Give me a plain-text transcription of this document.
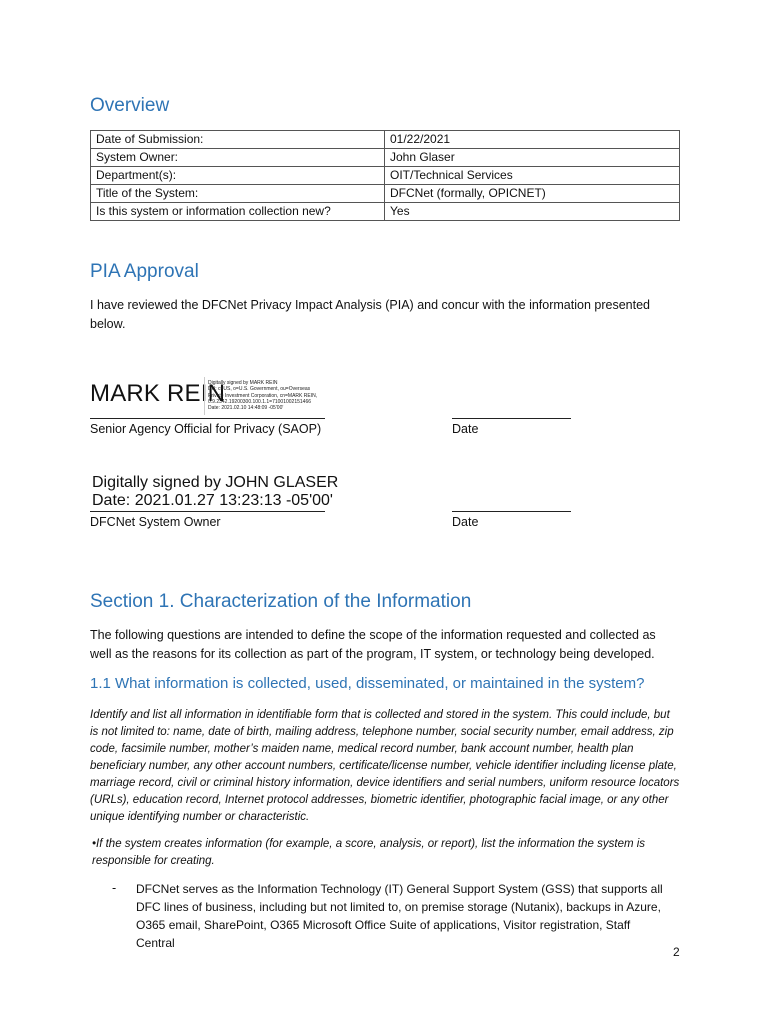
Overview
Date of Submission:	01/22/2021
System Owner:	John Glaser
Department(s):	OIT/Technical Services
Title of the System:	DFCNet (formally, OPICNET)
Is this system or information collection new?	Yes
PIA Approval
I have reviewed the DFCNet Privacy Impact Analysis (PIA) and concur with the information presented below.
MARK REIN
Digitally signed by MARK REIN
DN: c=US, o=U.S. Government, ou=Overseas
Private Investment Corporation, cn=MARK REIN,
0.9.2342.19200300.100.1.1=71001002151466
Date: 2021.02.10 14:48:09 -05'00'
Senior Agency Official for Privacy (SAOP)	Date
Digitally signed by JOHN GLASER
Date: 2021.01.27 13:23:13 -05'00'
DFCNet System Owner	Date
Section 1. Characterization of the Information
The following questions are intended to define the scope of the information requested and collected as well as the reasons for its collection as part of the program, IT system, or technology being developed.
1.1 What information is collected, used, disseminated, or maintained in the system?
Identify and list all information in identifiable form that is collected and stored in the system. This could include, but is not limited to: name, date of birth, mailing address, telephone number, social security number, email address, zip code, facsimile number, mother’s maiden name, medical record number, bank account number, health plan beneficiary number, any other account numbers, certificate/license number, vehicle identifier including license plate, marriage record, civil or criminal history information, device identifiers and serial numbers, uniform resource locators (URLs), education record, Internet protocol addresses, biometric identifier, photographic facial image, or any other unique identifying number or characteristic.
•If the system creates information (for example, a score, analysis, or report), list the information the system is responsible for creating.
- DFCNet serves as the Information Technology (IT) General Support System (GSS) that supports all DFC lines of business, including but not limited to, on premise storage (Nutanix), backups in Azure, O365 email, SharePoint, O365 Microsoft Office Suite of applications, Visitor registration, Staff Central
2
